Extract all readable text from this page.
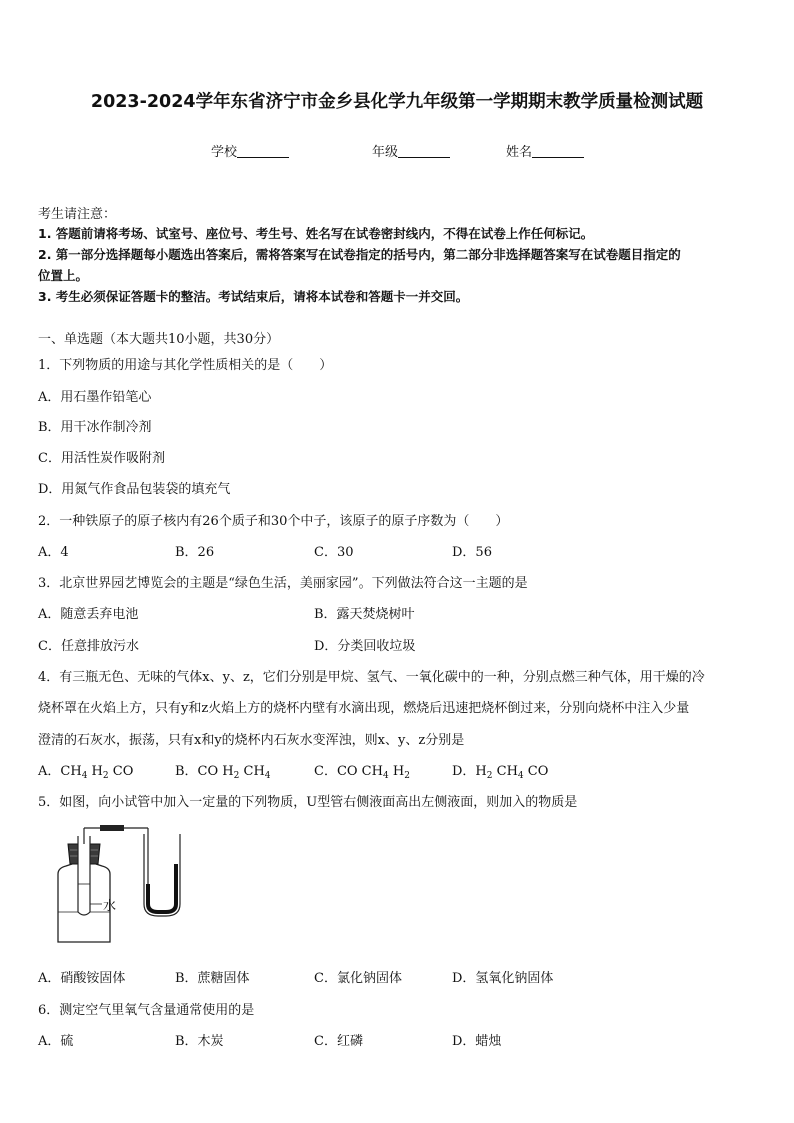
2023-2024学年东省济宁市金乡县化学九年级第一学期期末教学质量检测试题
学校	年级	姓名
考生请注意：
1. 答题前请将考场、试室号、座位号、考生号、姓名写在试卷密封线内，不得在试卷上作任何标记。
2. 第一部分选择题每小题选出答案后，需将答案写在试卷指定的括号内，第二部分非选择题答案写在试卷题目指定的
位置上。
3. 考生必须保证答题卡的整洁。考试结束后，请将本试卷和答题卡一并交回。
一、单选题（本大题共10小题，共30分）
1．下列物质的用途与其化学性质相关的是（　　）
A．用石墨作铅笔心
B．用干冰作制冷剂
C．用活性炭作吸附剂
D．用氮气作食品包装袋的填充气
2．一种铁原子的原子核内有26个质子和30个中子，该原子的原子序数为（　　）
A．4	B．26	C．30	D．56
3．北京世界园艺博览会的主题是“绿色生活，美丽家园”。下列做法符合这一主题的是
A．随意丢弃电池	B．露天焚烧树叶
C．任意排放污水	D．分类回收垃圾
4．有三瓶无色、无味的气体x、y、z，它们分别是甲烷、氢气、一氧化碳中的一种，分别点燃三种气体，用干燥的冷
烧杯罩在火焰上方，只有y和z火焰上方的烧杯内壁有水滴出现，燃烧后迅速把烧杯倒过来，分别向烧杯中注入少量
澄清的石灰水，振荡，只有x和y的烧杯内石灰水变浑浊，则x、y、z分别是
A．$CH_4$ $H_2$ CO	B．CO $H_2$ $CH_4$	C．CO $CH_4$ $H_2$	D．$H_2$ $CH_4$ CO
5．如图，向小试管中加入一定量的下列物质，U型管右侧液面高出左侧液面，则加入的物质是
水
A．硝酸铵固体	B．蔗糖固体	C．氯化钠固体	D．氢氧化钠固体
6．测定空气里氧气含量通常使用的是
A．硫	B．木炭	C．红磷	D．蜡烛
